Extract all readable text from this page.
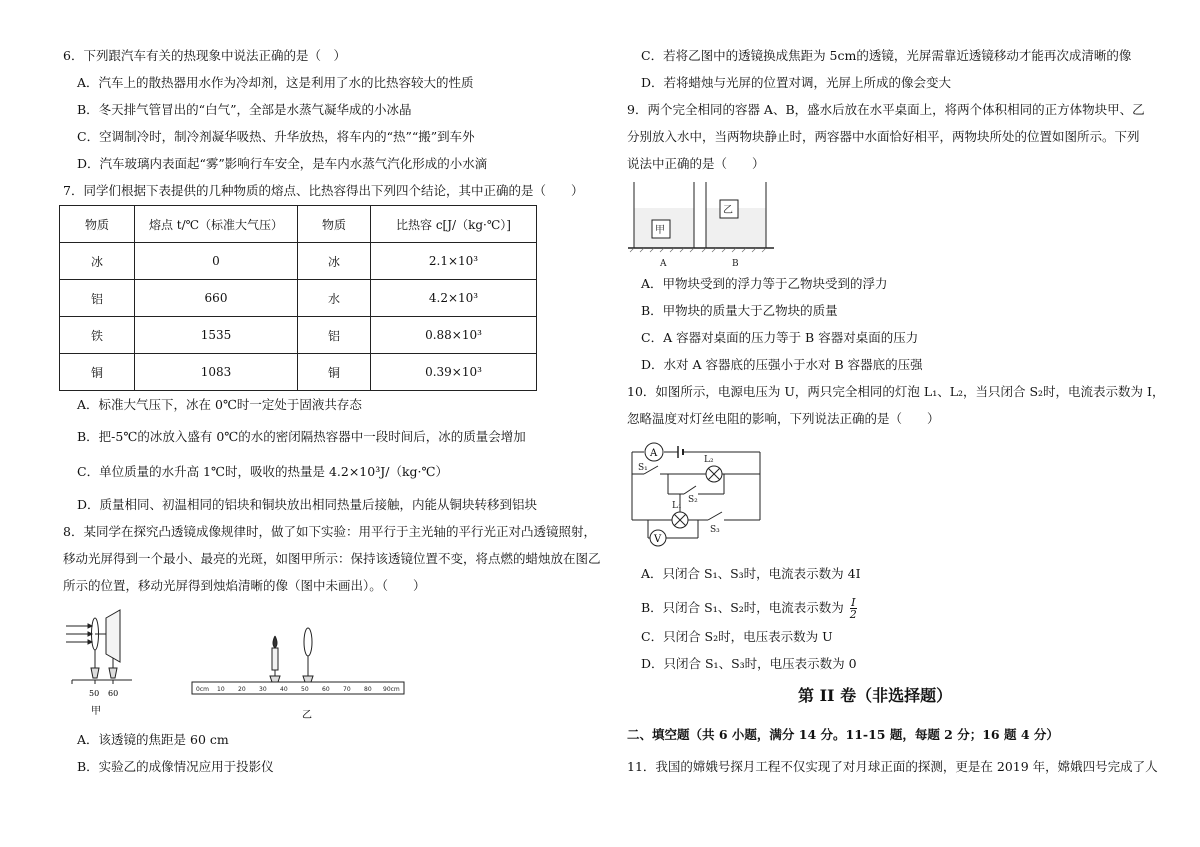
6．下列跟汽车有关的热现象中说法正确的是（　）
A．汽车上的散热器用水作为冷却剂，这是利用了水的比热容较大的性质
B．冬天排气管冒出的“白气”，全部是水蒸气凝华成的小冰晶
C．空调制冷时，制冷剂凝华吸热、升华放热，将车内的“热”“搬”到车外
D．汽车玻璃内表面起“雾”影响行车安全，是车内水蒸气汽化形成的小水滴
7．同学们根据下表提供的几种物质的熔点、比热容得出下列四个结论，其中正确的是（　　）
物质	熔点 t/℃（标准大气压）	物质	比热容 c[J/（kg·℃）]
冰	0	冰	2.1×10³
铝	660	水	4.2×10³
铁	1535	铝	0.88×10³
铜	1083	铜	0.39×10³
A．标准大气压下，冰在 0℃时一定处于固液共存态
B．把-5℃的冰放入盛有 0℃的水的密闭隔热容器中一段时间后，冰的质量会增加
C．单位质量的水升高 1℃时，吸收的热量是 4.2×10³J/（kg·℃）
D．质量相同、初温相同的铝块和铜块放出相同热量后接触，内能从铜块转移到铝块
8．某同学在探究凸透镜成像规律时，做了如下实验：用平行于主光轴的平行光正对凸透镜照射，
移动光屏得到一个最小、最亮的光斑，如图甲所示：保持该透镜位置不变，将点燃的蜡烛放在图乙
所示的位置，移动光屏得到烛焰清晰的像（图中未画出）。（　　）
50 60
甲
0cm 10 20 30 40 50 60 70 80 90cm
乙
A．该透镜的焦距是 60 cm
B．实验乙的成像情况应用于投影仪
C．若将乙图中的透镜换成焦距为 5cm的透镜，光屏需靠近透镜移动才能再次成清晰的像
D．若将蜡烛与光屏的位置对调，光屏上所成的像会变大
9．两个完全相同的容器 A、B，盛水后放在水平桌面上，将两个体积相同的正方体物块甲、乙
分别放入水中，当两物块静止时，两容器中水面恰好相平，两物块所处的位置如图所示。下列
说法中正确的是（　　）
甲
乙
A	B
A．甲物块受到的浮力等于乙物块受到的浮力
B．甲物块的质量大于乙物块的质量
C．A 容器对桌面的压力等于 B 容器对桌面的压力
D．水对 A 容器底的压强小于水对 B 容器底的压强
10．如图所示，电源电压为 U，两只完全相同的灯泡 L₁、L₂，当只闭合 S₂时，电流表示数为 I，
忽略温度对灯丝电阻的影响，下列说法正确的是（　　）
A
V
S₁
S₂
S₃
L₂
L₁
A．只闭合 S₁、S₃时，电流表示数为 4I
B．只闭合 S₁、S₂时，电流表示数为 $\frac{I}{2}$
C．只闭合 S₂时，电压表示数为 U
D．只闭合 S₁、S₃时，电压表示数为 0
第 II 卷（非选择题）
二、填空题（共 6 小题，满分 14 分。11-15 题，每题 2 分；16 题 4 分）
11．我国的嫦娥号探月工程不仅实现了对月球正面的探测，更是在 2019 年，嫦娥四号完成了人
